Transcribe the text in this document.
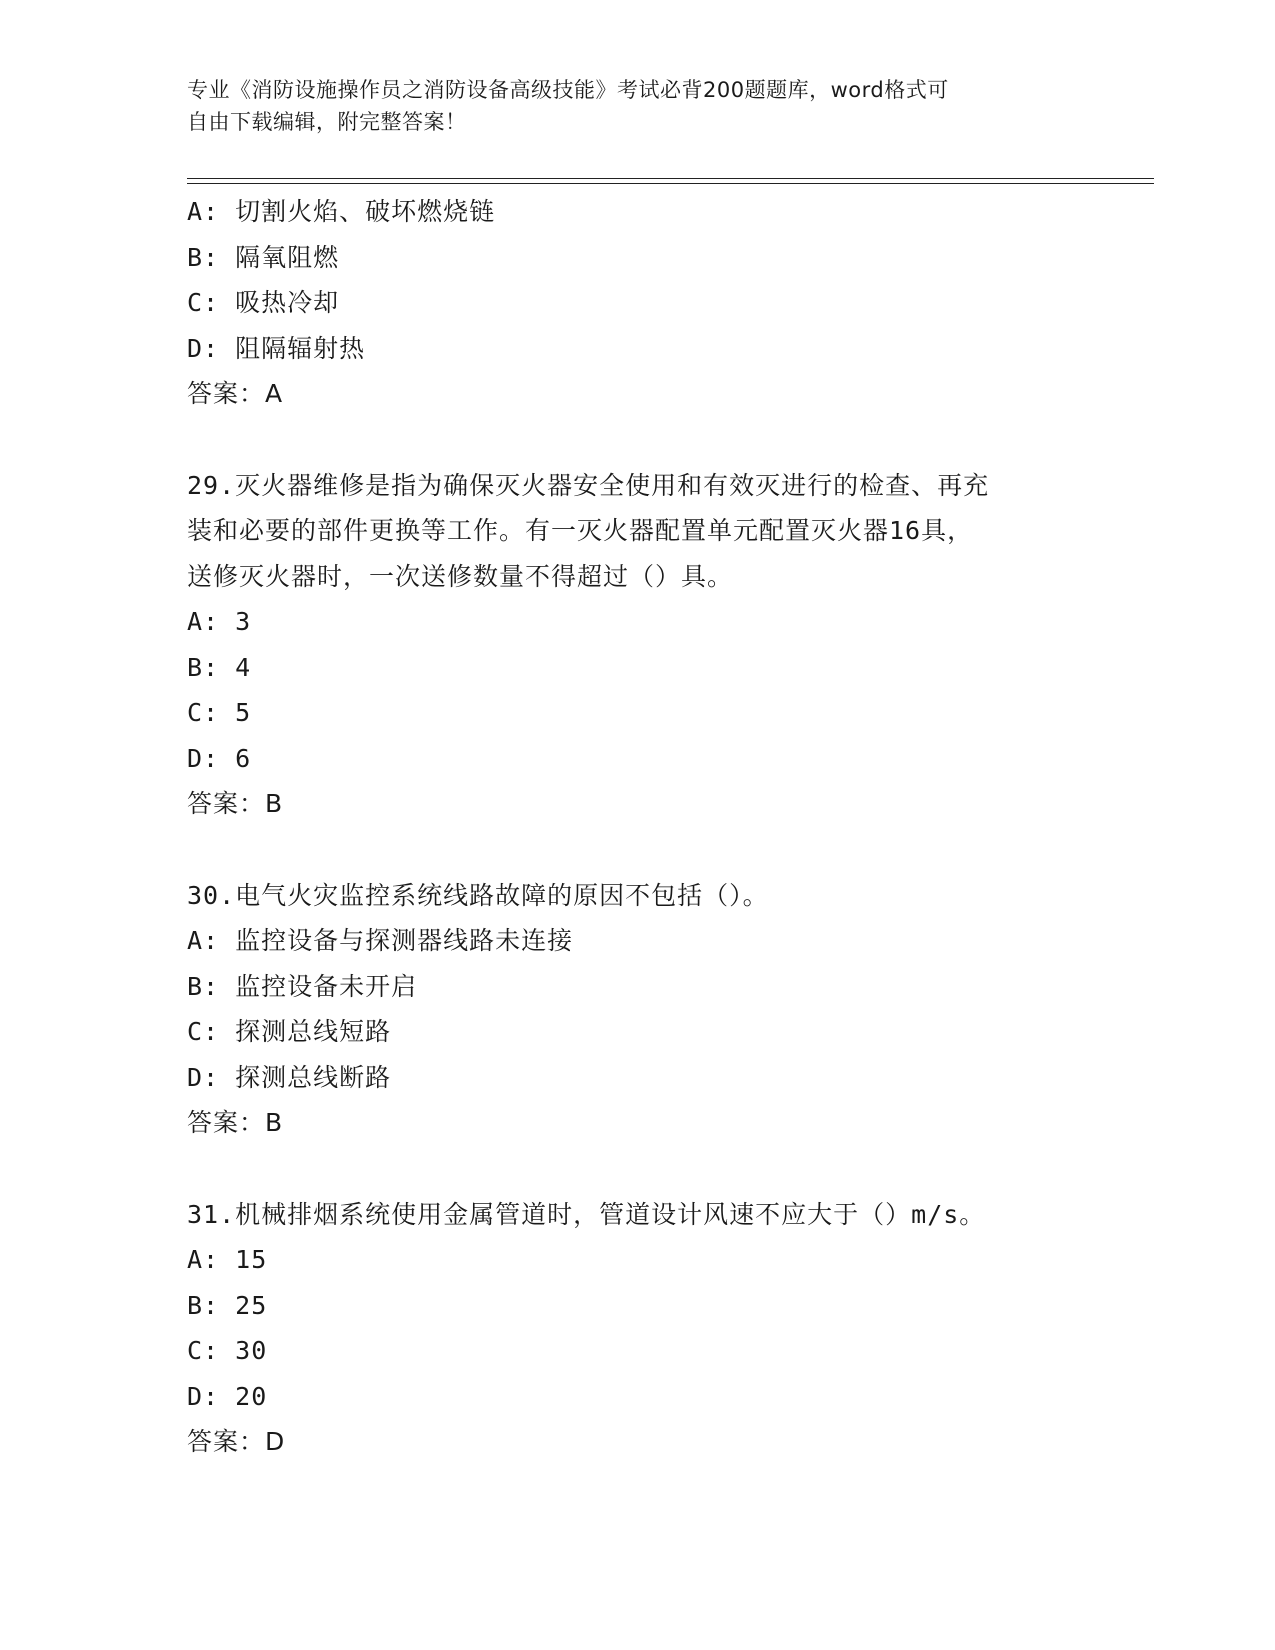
专业《消防设施操作员之消防设备高级技能》考试必背200题题库，word格式可
自由下载编辑，附完整答案！
A: 切割火焰、破坏燃烧链
B: 隔氧阻燃
C: 吸热冷却
D: 阻隔辐射热
答案：A
29.灭火器维修是指为确保灭火器安全使用和有效灭进行的检查、再充
装和必要的部件更换等工作。有一灭火器配置单元配置灭火器16具，
送修灭火器时，一次送修数量不得超过（）具。
A: 3
B: 4
C: 5
D: 6
答案：B
30.电气火灾监控系统线路故障的原因不包括（）。
A: 监控设备与探测器线路未连接
B: 监控设备未开启
C: 探测总线短路
D: 探测总线断路
答案：B
31.机械排烟系统使用金属管道时，管道设计风速不应大于（）m/s。
A: 15
B: 25
C: 30
D: 20
答案：D
